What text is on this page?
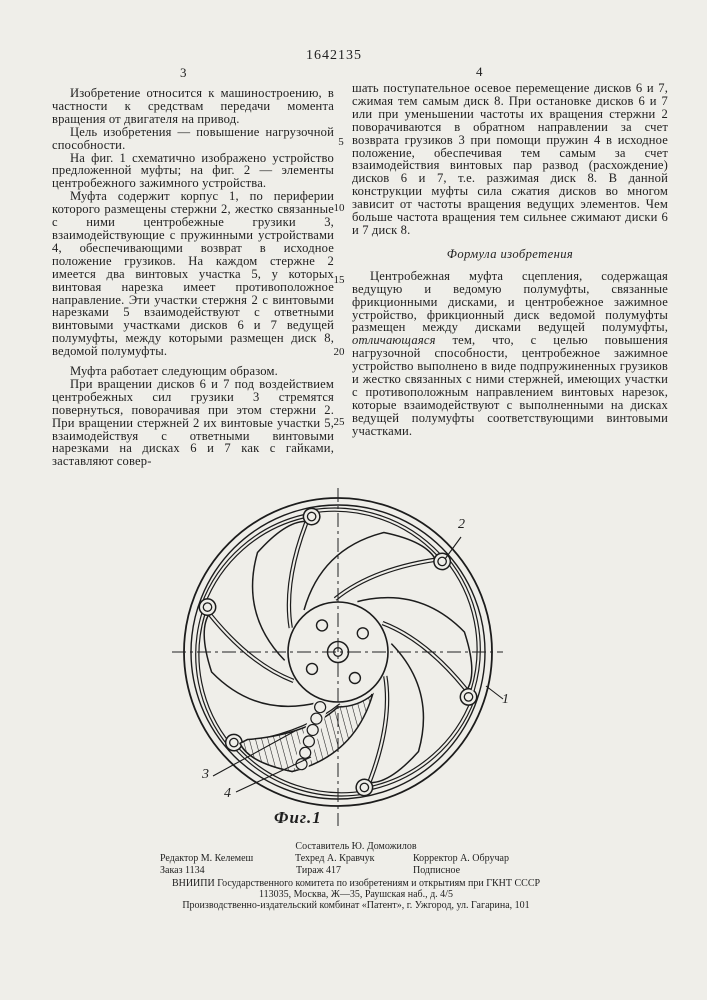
1642135
3	4
5
10
15
20
25

Изобретение относится к машиностроению, в частности к средствам передачи момента вращения от двигателя на привод.

Цель изобретения — повышение нагрузочной способности.

На фиг. 1 схематично изображено устройство предложенной муфты; на фиг. 2 — элементы центробежного зажимного устройства.

Муфта содержит корпус 1, по периферии которого размещены стержни 2, жестко связанные с ними центробежные грузики 3, взаимодействующие с пружинными устройствами 4, обеспечивающими возврат в исходное положение грузиков. На каждом стержне 2 имеется два винтовых участка 5, у которых винтовая нарезка имеет противоположное направление. Эти участки стержня 2 с винтовыми нарезками 5 взаимодействуют с ответными винтовыми участками дисков 6 и 7 ведущей полумуфты, между которыми размещен диск 8, ведомой полумуфты.

Муфта работает следующим образом.

При вращении дисков 6 и 7 под воздействием центробежных сил грузики 3 стремятся повернуться, поворачивая при этом стержни 2. При вращении стержней 2 их винтовые участки 5, взаимодействуя с ответными винтовыми нарезками на дисках 6 и 7 как с гайками, заставляют совер-

шать поступательное осевое перемещение дисков 6 и 7, сжимая тем самым диск 8. При остановке дисков 6 и 7 или при уменьшении частоты их вращения стержни 2 поворачиваются в обратном направлении за счет возврата грузиков 3 при помощи пружин 4 в исходное положение, обеспечивая тем самым за счет взаимодействия винтовых пар развод (расхождение) дисков 6 и 7, т.е. разжимая диск 8. В данной конструкции муфты сила сжатия дисков во многом зависит от частоты вращения ведущих элементов. Чем больше частота вращения тем сильнее сжимают диски 6 и 7 диск 8.

Формула изобретения

Центробежная муфта сцепления, содержащая ведущую и ведомую полумуфты, связанные фрикционными дисками, и центробежное зажимное устройство, фрикционный диск ведомой полумуфты размещен между дисками ведущей полумуфты, отличающаяся тем, что, с целью повышения нагрузочной способности, центробежное зажимное устройство выполнено в виде подпружиненных грузиков и жестко связанных с ними стержней, имеющих участки с противоположным направлением винтовых нарезок, которые взаимодействуют с выполненными на дисках ведущей полумуфты соответствующими винтовыми участками.

2
1
3
4
Фиг.1
Составитель Ю. Доможилов
Редактор М. Келемеш	Техред А. Кравчук	Корректор А. Обручар
Заказ 1134	Тираж 417	Подписное
ВНИИПИ Государственного комитета по изобретениям и открытиям при ГКНТ СССР
113035, Москва, Ж—35, Раушская наб., д. 4/5
Производственно-издательский комбинат «Патент», г. Ужгород, ул. Гагарина, 101
